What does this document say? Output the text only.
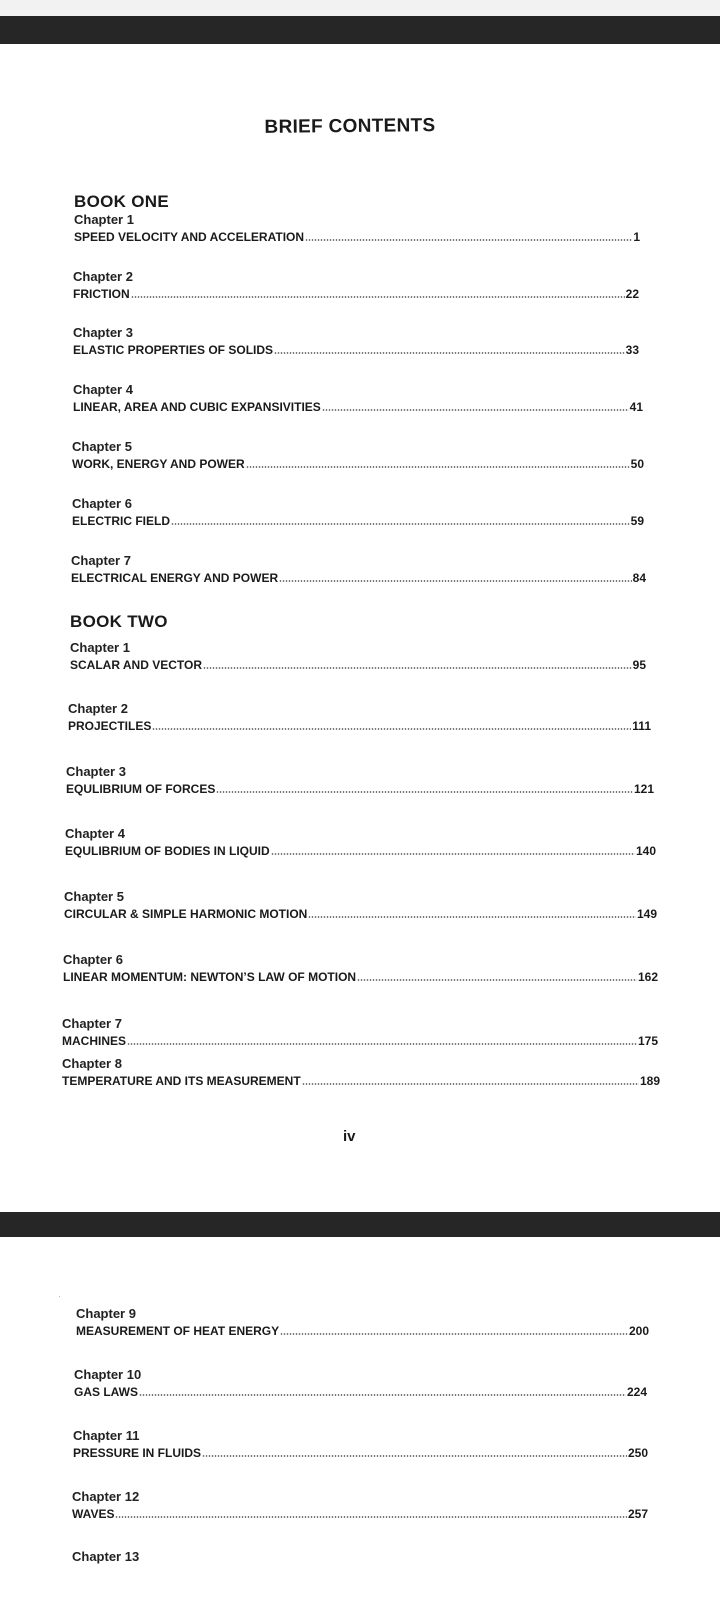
BRIEF CONTENTS
BOOK ONE
Chapter 1
SPEED VELOCITY AND ACCELERATION	1
Chapter 2
FRICTION	22
Chapter 3
ELASTIC PROPERTIES OF SOLIDS	33
Chapter 4
LINEAR, AREA AND CUBIC EXPANSIVITIES	41
Chapter 5
WORK, ENERGY AND POWER	50
Chapter 6
ELECTRIC FIELD	59
Chapter 7
ELECTRICAL ENERGY AND POWER	84
BOOK TWO
Chapter 1
SCALAR AND VECTOR	95
Chapter 2
PROJECTILES	111
Chapter 3
EQULIBRIUM OF FORCES	121
Chapter 4
EQULIBRIUM OF BODIES IN LIQUID	140
Chapter 5
CIRCULAR & SIMPLE HARMONIC MOTION	149
Chapter 6
LINEAR MOMENTUM: NEWTON’S LAW OF MOTION	162
Chapter 7
MACHINES	175
Chapter 8
TEMPERATURE AND ITS MEASUREMENT	189
iv
·
Chapter 9
MEASUREMENT OF HEAT ENERGY	200
Chapter 10
GAS LAWS	224
Chapter 11
PRESSURE IN FLUIDS	250
Chapter 12
WAVES	257
Chapter 13
